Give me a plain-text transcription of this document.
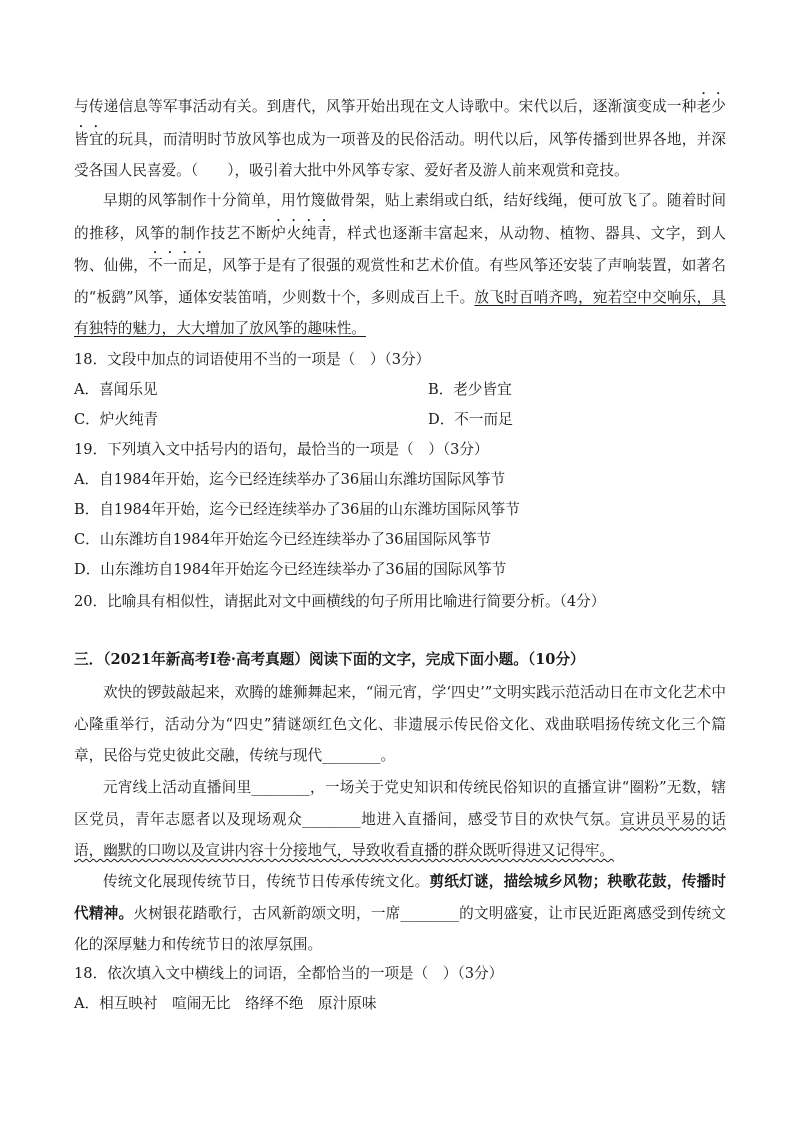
与传递信息等军事活动有关。到唐代，风筝开始出现在文人诗歌中。宋代以后，逐渐演变成一种老少皆宜的玩具，而清明时节放风筝也成为一项普及的民俗活动。明代以后，风筝传播到世界各地，并深受各国人民喜爱。（　　），吸引着大批中外风筝专家、爱好者及游人前来观赏和竞技。
早期的风筝制作十分简单，用竹篾做骨架，贴上素绢或白纸，结好线绳，便可放飞了。随着时间的推移，风筝的制作技艺不断炉火纯青，样式也逐渐丰富起来，从动物、植物、器具、文字，到人物、仙佛，不一而足，风筝于是有了很强的观赏性和艺术价值。有些风筝还安装了声响装置，如著名的“板鹞”风筝，通体安装笛哨，少则数十个，多则成百上千。放飞时百哨齐鸣，宛若空中交响乐，具有独特的魅力，大大增加了放风筝的趣味性。
18．文段中加点的词语使用不当的一项是（　）（3分）
A．喜闻乐见	B．老少皆宜
C．炉火纯青	D．不一而足
19．下列填入文中括号内的语句，最恰当的一项是（　）（3分）
A．自1984年开始，迄今已经连续举办了36届山东潍坊国际风筝节
B．自1984年开始，迄今已经连续举办了36届的山东潍坊国际风筝节
C．山东潍坊自1984年开始迄今已经连续举办了36届国际风筝节
D．山东潍坊自1984年开始迄今已经连续举办了36届的国际风筝节
20．比喻具有相似性，请据此对文中画横线的句子所用比喻进行简要分析。（4分）
三．（2021年新高考Ⅰ卷·高考真题）阅读下面的文字，完成下面小题。（10分）
欢快的锣鼓敲起来，欢腾的雄狮舞起来，“闹元宵，学‘四史’”文明实践示范活动日在市文化艺术中心隆重举行，活动分为“四史”猜谜颂红色文化、非遗展示传民俗文化、戏曲联唱扬传统文化三个篇章，民俗与党史彼此交融，传统与现代________。
元宵线上活动直播间里________，一场关于党史知识和传统民俗知识的直播宣讲“圈粉”无数，辖区党员，青年志愿者以及现场观众________地进入直播间，感受节目的欢快气氛。宣讲员平易的话语，幽默的口吻以及宣讲内容十分接地气，导致收看直播的群众既听得进又记得牢。
传统文化展现传统节日，传统节日传承传统文化。剪纸灯谜，描绘城乡风物；秧歌花鼓，传播时代精神。火树银花踏歌行，古风新韵颂文明，一席________的文明盛宴，让市民近距离感受到传统文化的深厚魅力和传统节日的浓厚氛围。
18．依次填入文中横线上的词语，全都恰当的一项是（　）（3分）
A．相互映衬　喧闹无比　络绎不绝　原汁原味
